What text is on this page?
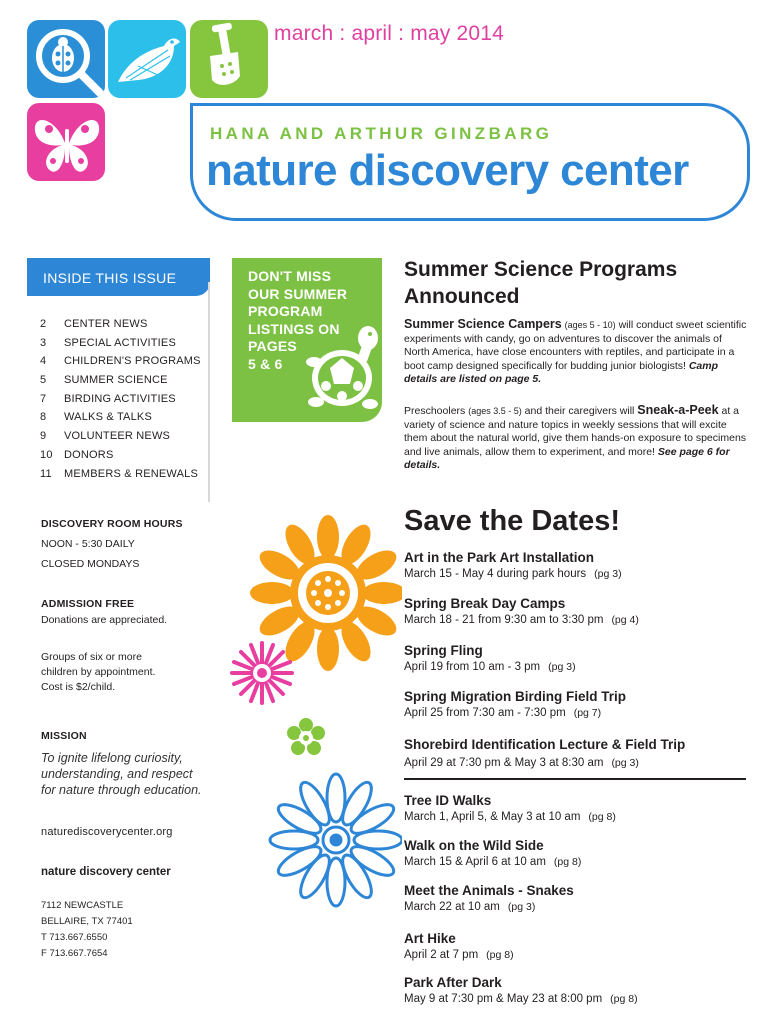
march : april : may 2014
HANA AND ARTHUR GINZBARG
nature discovery center
INSIDE THIS ISSUE
2	CENTER NEWS
3	SPECIAL ACTIVITIES
4	CHILDREN'S PROGRAMS
5	SUMMER SCIENCE
7	BIRDING ACTIVITIES
8	WALKS & TALKS
9	VOLUNTEER NEWS
10	DONORS
11	MEMBERS & RENEWALS
DISCOVERY ROOM HOURS
NOON - 5:30 DAILY
CLOSED MONDAYS
ADMISSION FREE
Donations are appreciated.
Groups of six or more
children by appointment.
Cost is $2/child.
MISSION
To ignite lifelong curiosity,
understanding, and respect
for nature through education.
naturediscoverycenter.org
nature discovery center
7112 NEWCASTLE
BELLAIRE, TX 77401
T 713.667.6550
F 713.667.7654
DON'T MISS
OUR SUMMER
PROGRAM
LISTINGS ON
PAGES
5 & 6
Summer Science Programs Announced
Summer Science Campers (ages 5 - 10) will conduct sweet scientific experiments with candy, go on adventures to discover the animals of North America, have close encounters with reptiles, and participate in a boot camp designed specifically for budding junior biologists! Camp details are listed on page 5.
Preschoolers (ages 3.5 - 5) and their caregivers will Sneak-a-Peek at a variety of science and nature topics in weekly sessions that will excite them about the natural world, give them hands-on exposure to specimens and live animals, allow them to experiment, and more! See page 6 for details.
Save the Dates!
Art in the Park Art Installation
March 15 - May 4 during park hours (pg 3)
Spring Break Day Camps
March 18 - 21 from 9:30 am to 3:30 pm (pg 4)
Spring Fling
April 19 from 10 am - 3 pm (pg 3)
Spring Migration Birding Field Trip
April 25 from 7:30 am - 7:30 pm (pg 7)
Shorebird Identification Lecture & Field Trip
April 29 at 7:30 pm & May 3 at 8:30 am (pg 3)
Tree ID Walks
March 1, April 5, & May 3 at 10 am (pg 8)
Walk on the Wild Side
March 15 & April 6 at 10 am (pg 8)
Meet the Animals - Snakes
March 22 at 10 am (pg 3)
Art Hike
April 2 at 7 pm (pg 8)
Park After Dark
May 9 at 7:30 pm & May 23 at 8:00 pm (pg 8)
